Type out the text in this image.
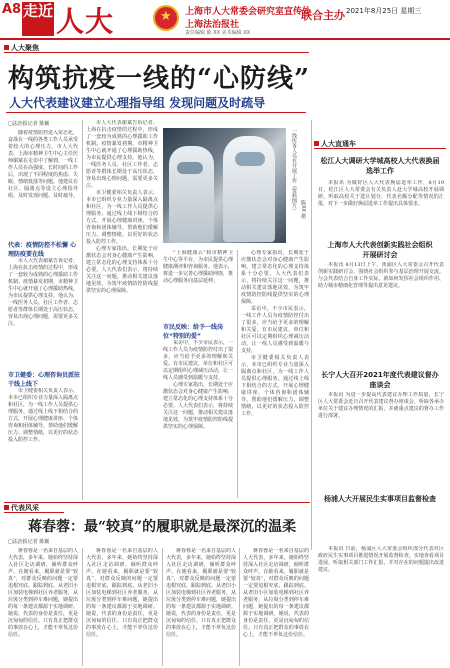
A8 走近 人大
★	上海市人大常委会研究室宣传处
上海法治报社
责任编辑 陈 XX 美术编辑 XX
联合主办 2021年8月25日 星期三
人大聚焦
构筑抗疫一线的“心防线”
人大代表建议建立心理指导组 发现问题及时疏导
□法治报记者 陈颖

随着疫情防控进入常态化，奋战在一线的各类工作人员承受着较大的心理压力。市人大代表、上海市精神卫生中心主任医师谢斌在走访中了解到，一线工作人员在高强度、长时间的工作后，出现了不同程度的焦虑、失眠、情绪低落等问题。他建议在社区、隔离点等设立心理指导组，及时发现问题、及时疏导。

代表：疫情防控不松懈 心理防疫要在线

市人大代表谢斌告诉记者，上海在抗击疫情的过程中，形成了一套较为成熟的心理援助工作机制。疫情暴发初期，市精神卫生中心就开通了心理援助热线，为市民提供心理支持。他认为，一线医务人员、社区工作者、志愿者等群体长期处于高压状态，容易出现心理问题，需要更多关注。

市卫健委：心理咨询员派驻干线上线下

市卫健委相关负责人表示，本市已组织专业力量深入隔离点和社区，为一线工作人员提供心理服务。通过线上线下相结合的方式，开展心理健康讲座、个体咨询和团体辅导，帮助他们缓解压力、调整情绪，以更好的状态投入防控工作。

市人大代表谢斌告诉记者，上海在抗击疫情的过程中，形成了一套较为成熟的心理援助工作机制。疫情暴发初期，市精神卫生中心就开通了心理援助热线，为市民提供心理支持。他认为，一线医务人员、社区工作者、志愿者等群体长期处于高压状态，容易出现心理问题，需要更多关注。

市卫健委相关负责人表示，本市已组织专业力量深入隔离点和社区，为一线工作人员提供心理服务。通过线上线下相结合的方式，开展心理健康讲座、个体咨询和团体辅导，帮助他们缓解压力、调整情绪，以更好的状态投入防控工作。

心理专家指出，长期处于应激状态会对身心健康产生影响，建立常态化的心理支持体系十分必要。人大代表们表示，将持续关注这一问题，推动相关建议落地见效，为筑牢疫情防控防线提供坚实的心理保障。

一线医务人员在开展工作（资料图片） 陈XX 摄

“上海健康云”和市精神卫生中心等平台，为市民提供心理健康测评和咨询服务。他表示，将进一步完善心理援助网络，推动心理服务向基层延伸。

市民反映：给予一线岗位“特别的爱”

采访中，不少市民表示，一线工作人员为疫情防控付出了很多，应当给予更多的理解和关爱。有市民建议，单位和社区可以定期组织心理减压活动，让一线人员感受到温暖与支持。

心理专家指出，长期处于应激状态会对身心健康产生影响，建立常态化的心理支持体系十分必要。人大代表们表示，将持续关注这一问题，推动相关建议落地见效，为筑牢疫情防控防线提供坚实的心理保障。

心理专家指出，长期处于应激状态会对身心健康产生影响，建立常态化的心理支持体系十分必要。人大代表们表示，将持续关注这一问题，推动相关建议落地见效，为筑牢疫情防控防线提供坚实的心理保障。

采访中，不少市民表示，一线工作人员为疫情防控付出了很多，应当给予更多的理解和关爱。有市民建议，单位和社区可以定期组织心理减压活动，让一线人员感受到温暖与支持。

市卫健委相关负责人表示，本市已组织专业力量深入隔离点和社区，为一线工作人员提供心理服务。通过线上线下相结合的方式，开展心理健康讲座、个体咨询和团体辅导，帮助他们缓解压力、调整情绪，以更好的状态投入防控工作。

人大直通车
松江人大调研大学城高校人大代表换届选举工作

本报讯 为做好区人大代表换届选举工作，8月19日，松江区人大常委会有关负责人赴大学城高校开展调研，听取高校关于选区划分、代表名额分配等情况的汇报，对下一步做好换届选举工作提出具体要求。

上海市人大代表创新实践社会组织
开展研讨会

本报讯 8月13日上午，黄浦区人大常委会召开代表创新实践研讨会，围绕社会组织参与基层治理开展交流。与会代表结合自身工作实际，就如何发挥社会组织作用、助力城市精细化管理等提出意见建议。

长宁人大召开2021年度代表建议督办座谈会

本报讯 为进一步提高代表建议办理工作质量，长宁区人大常委会近日召开代表建议督办座谈会，听取各承办单位关于建议办理情况的汇报，并就重点建议的督办工作进行部署。

杨浦人大开展民生实事项目监督检查

本报讯 日前，杨浦区人大常委会组织部分代表对区政府民生实事项目推进情况开展监督检查，实地查看项目进展，听取相关部门工作汇报，并对存在的问题提出改进建议。

代表风采
蒋春蓉：最“较真”的履职就是最深沉的温柔
□法治报记者 陈颖

蒋春蓉是一名来自基层的人大代表，多年来，她始终坚持深入社区走访调研，倾听群众呼声。在她看来，履职就是要“较真”，对群众反映的问题一定要追根究底、跟踪到底。从老旧小区加装电梯到社区养老服务，从垃圾分类到停车难问题，她提出的每一条建议都源于实地调研。她说，代表的身份是责任，更是沉甸甸的信任。只有真正把群众的事放在心上，才能不辜负这份信任。

蒋春蓉是一名来自基层的人大代表，多年来，她始终坚持深入社区走访调研，倾听群众呼声。在她看来，履职就是要“较真”，对群众反映的问题一定要追根究底、跟踪到底。从老旧小区加装电梯到社区养老服务，从垃圾分类到停车难问题，她提出的每一条建议都源于实地调研。她说，代表的身份是责任，更是沉甸甸的信任。只有真正把群众的事放在心上，才能不辜负这份信任。

蒋春蓉是一名来自基层的人大代表，多年来，她始终坚持深入社区走访调研，倾听群众呼声。在她看来，履职就是要“较真”，对群众反映的问题一定要追根究底、跟踪到底。从老旧小区加装电梯到社区养老服务，从垃圾分类到停车难问题，她提出的每一条建议都源于实地调研。她说，代表的身份是责任，更是沉甸甸的信任。只有真正把群众的事放在心上，才能不辜负这份信任。

蒋春蓉是一名来自基层的人大代表，多年来，她始终坚持深入社区走访调研，倾听群众呼声。在她看来，履职就是要“较真”，对群众反映的问题一定要追根究底、跟踪到底。从老旧小区加装电梯到社区养老服务，从垃圾分类到停车难问题，她提出的每一条建议都源于实地调研。她说，代表的身份是责任，更是沉甸甸的信任。只有真正把群众的事放在心上，才能不辜负这份信任。
